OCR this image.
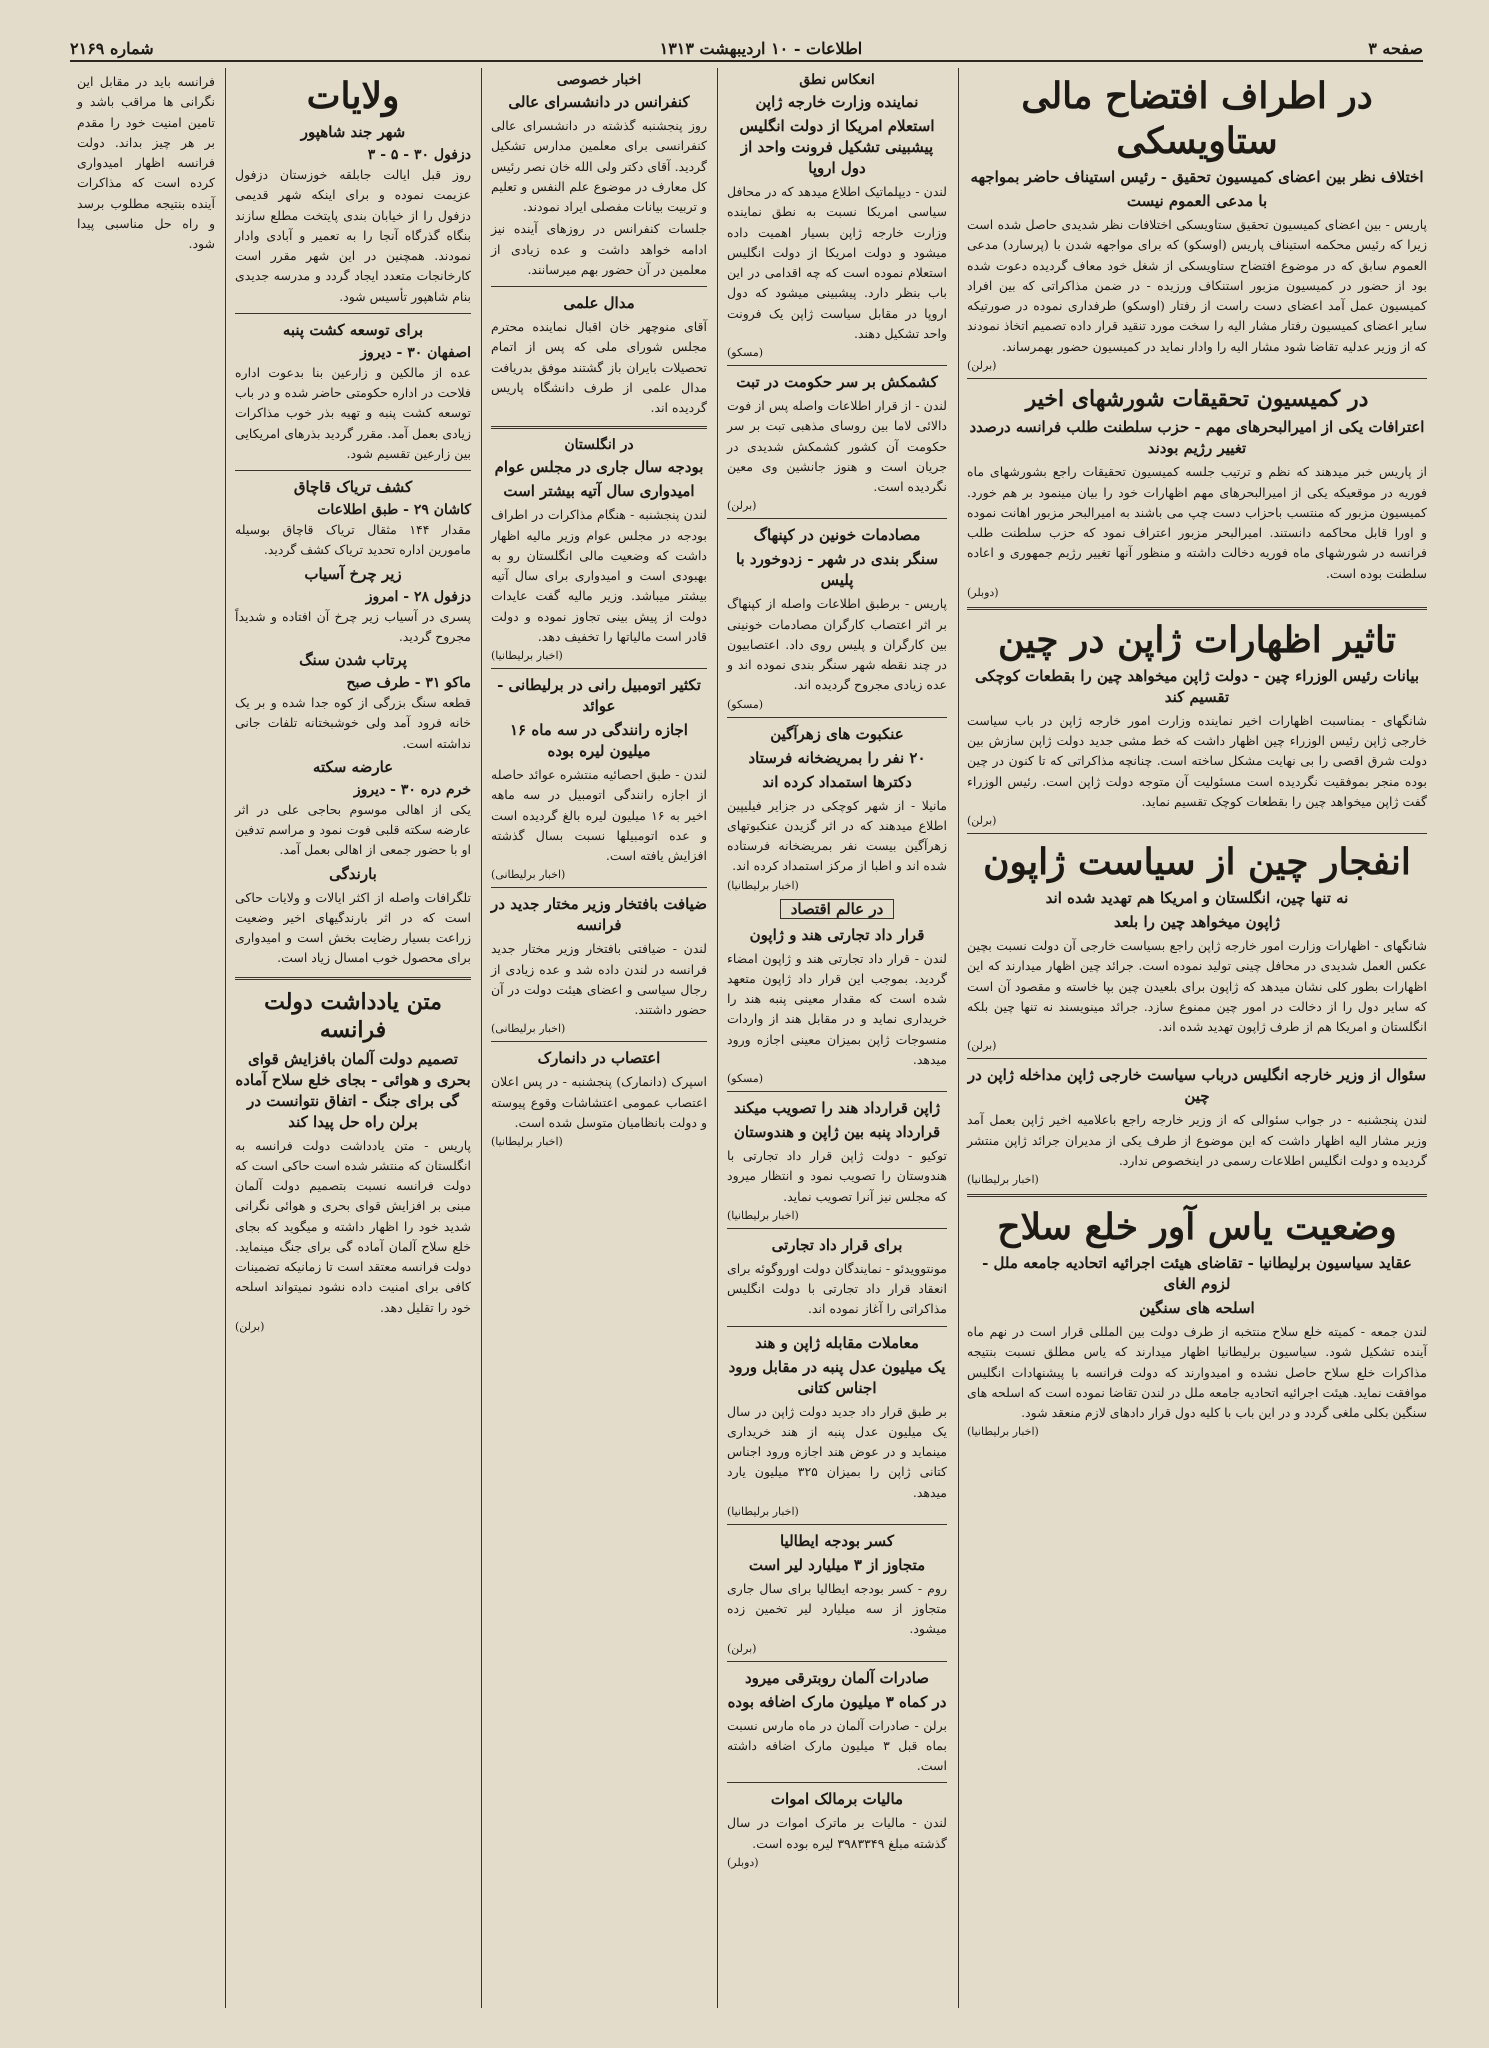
صفحه ۳
اطلاعات - ۱۰ اردیبهشت ۱۳۱۳
شماره ۲۱۶۹
در اطراف افتضاح مالی ستاویسکی
اختلاف نظر بین اعضای کمیسیون تحقیق - رئیس استیناف حاضر بمواجهه
با مدعی العموم نیست
پاریس - بین اعضای کمیسیون تحقیق ستاویسکی اختلافات نظر شدیدی حاصل شده است زیرا که رئیس محکمه استیناف پاریس (اوسکو) که برای مواجهه شدن با (پرسارد) مدعی العموم سابق که در موضوع افتضاح ستاویسکی از شغل خود معاف گردیده دعوت شده بود از حضور در کمیسیون مزبور استنکاف ورزیده - در ضمن مذاکراتی که بین افراد کمیسیون عمل آمد اعضای دست راست از رفتار (اوسکو) طرفداری نموده در صورتیکه سایر اعضای کمیسیون رفتار مشار الیه را سخت مورد تنقید قرار داده تصمیم اتخاذ نمودند که از وزیر عدلیه تقاضا شود مشار الیه را وادار نماید در کمیسیون حضور بهمرساند.
(برلن)
در کمیسیون تحقیقات شورشهای اخیر
اعترافات یکی از امیرالبحرهای مهم - حزب سلطنت طلب فرانسه درصدد تغییر رژیم بودند
از پاریس خبر میدهند که نظم و ترتیب جلسه کمیسیون تحقیقات راجع بشورشهای ماه فوریه در موقعیکه یکی از امیرالبحرهای مهم اظهارات خود را بیان مینمود بر هم خورد. کمیسیون مزبور که منتسب باحزاب دست چپ می باشند به امیرالبحر مزبور اهانت نموده و اورا قابل محاکمه دانستند. امیرالبحر مزبور اعتراف نمود که حزب سلطنت طلب فرانسه در شورشهای ماه فوریه دخالت داشته و منظور آنها تغییر رژیم جمهوری و اعاده سلطنت بوده است.
(دوبلر)
تاثیر اظهارات ژاپن در چین
بیانات رئیس الوزراء چین - دولت ژاپن میخواهد چین را بقطعات کوچکی تقسیم کند
شانگهای - بمناسبت اظهارات اخیر نماینده وزارت امور خارجه ژاپن در باب سیاست خارجی ژاپن رئیس الوزراء چین اظهار داشت که خط مشی جدید دولت ژاپن سازش بین دولت شرق اقصی را بی نهایت مشکل ساخته است. چنانچه مذاکراتی که تا کنون در چین بوده منجر بموفقیت نگردیده است مسئولیت آن متوجه دولت ژاپن است. رئیس الوزراء گفت ژاپن میخواهد چین را بقطعات کوچک تقسیم نماید.
(برلن)
انفجار چین از سیاست ژاپون
نه تنها چین، انگلستان و امریکا هم تهدید شده اند
ژاپون میخواهد چین را بلعد
شانگهای - اظهارات وزارت امور خارجه ژاپن راجع بسیاست خارجی آن دولت نسبت بچین عکس العمل شدیدی در محافل چینی تولید نموده است. جرائد چین اظهار میدارند که این اظهارات بطور کلی نشان میدهد که ژاپون برای بلعیدن چین بپا خاسته و مقصود آن است که سایر دول را از دخالت در امور چین ممنوع سازد. جرائد مینویسند نه تنها چین بلکه انگلستان و امریکا هم از طرف ژاپون تهدید شده اند.
(برلن)
سئوال از وزیر خارجه انگلیس درباب سیاست خارجی ژاپن مداخله ژاپن در چین
لندن پنجشنبه - در جواب سئوالی که از وزیر خارجه راجع باعلامیه اخیر ژاپن بعمل آمد وزیر مشار الیه اظهار داشت که این موضوع از طرف یکی از مدیران جرائد ژاپن منتشر گردیده و دولت انگلیس اطلاعات رسمی در اینخصوص ندارد.
(اخبار برلیطانیا)
وضعیت یاس آور خلع سلاح
عقاید سیاسیون برلیطانیا - تقاضای هیئت اجرائیه اتحادیه جامعه ملل - لزوم الغای
اسلحه های سنگین
لندن جمعه - کمیته خلع سلاح منتخبه از طرف دولت بین المللی قرار است در نهم ماه آینده تشکیل شود. سیاسیون برلیطانیا اظهار میدارند که یاس مطلق نسبت بنتیجه مذاکرات خلع سلاح حاصل نشده و امیدوارند که دولت فرانسه با پیشنهادات انگلیس موافقت نماید. هیئت اجرائیه اتحادیه جامعه ملل در لندن تقاضا نموده است که اسلحه های سنگین بکلی ملغی گردد و در این باب با کلیه دول قرار دادهای لازم منعقد شود.
(اخبار برلیطانیا)
انعکاس نطق
نماینده وزارت خارجه ژاپن
استعلام امریکا از دولت انگلیس پیشبینی تشکیل فرونت واحد از دول اروپا
لندن - دیپلماتیک اطلاع میدهد که در محافل سیاسی امریکا نسبت به نطق نماینده وزارت خارجه ژاپن بسیار اهمیت داده میشود و دولت امریکا از دولت انگلیس استعلام نموده است که چه اقدامی در این باب بنظر دارد. پیشبینی میشود که دول اروپا در مقابل سیاست ژاپن یک فرونت واحد تشکیل دهند.
(مسکو)
کشمکش بر سر حکومت در تبت
لندن - از قرار اطلاعات واصله پس از فوت دالائی لاما بین روسای مذهبی تبت بر سر حکومت آن کشور کشمکش شدیدی در جریان است و هنوز جانشین وی معین نگردیده است.
(برلن)
مصادمات خونین در کپنهاگ
سنگر بندی در شهر - زدوخورد با پلیس
پاریس - برطبق اطلاعات واصله از کپنهاگ بر اثر اعتصاب کارگران مصادمات خونینی بین کارگران و پلیس روی داد. اعتصابیون در چند نقطه شهر سنگر بندی نموده اند و عده زیادی مجروح گردیده اند.
(مسکو)
عنکبوت های زهرآگین
۲۰ نفر را بمریضخانه فرستاد
دکترها استمداد کرده اند
مانیلا - از شهر کوچکی در جزایر فیلیپین اطلاع میدهند که در اثر گزیدن عنکبوتهای زهرآگین بیست نفر بمریضخانه فرستاده شده اند و اطبا از مرکز استمداد کرده اند.
(اخبار برلیطانیا)
در عالم اقتصاد
قرار داد تجارتی هند و ژاپون
لندن - قرار داد تجارتی هند و ژاپون امضاء گردید. بموجب این قرار داد ژاپون متعهد شده است که مقدار معینی پنبه هند را خریداری نماید و در مقابل هند از واردات منسوجات ژاپن بمیزان معینی اجازه ورود میدهد.
(مسکو)
ژاپن قرارداد هند را تصویب میکند
قرارداد پنبه بین ژاپن و هندوستان
توکیو - دولت ژاپن قرار داد تجارتی با هندوستان را تصویب نمود و انتظار میرود که مجلس نیز آنرا تصویب نماید.
(اخبار برلیطانیا)
برای قرار داد تجارتی
مونتوویدئو - نمایندگان دولت اوروگوئه برای انعقاد قرار داد تجارتی با دولت انگلیس مذاکراتی را آغاز نموده اند.
معاملات مقابله ژاپن و هند
یک میلیون عدل پنبه در مقابل ورود اجناس کتانی
بر طبق قرار داد جدید دولت ژاپن در سال یک میلیون عدل پنبه از هند خریداری مینماید و در عوض هند اجازه ورود اجناس کتانی ژاپن را بمیزان ۳۲۵ میلیون یارد میدهد.
(اخبار برلیطانیا)
کسر بودجه ایطالیا
متجاوز از ۳ میلیارد لیر است
روم - کسر بودجه ایطالیا برای سال جاری متجاوز از سه میلیارد لیر تخمین زده میشود.
(برلن)
صادرات آلمان روبترقی میرود
در کماه ۳ میلیون مارک اضافه بوده
برلن - صادرات آلمان در ماه مارس نسبت بماه قبل ۳ میلیون مارک اضافه داشته است.
مالیات برمالک اموات
لندن - مالیات بر ماترک اموات در سال گذشته مبلغ ۳۹۸۳۳۴۹ لیره بوده است.
(دوبلر)
اخبار خصوصی
کنفرانس در دانشسرای عالی
روز پنجشنبه گذشته در دانشسرای عالی کنفرانسی برای معلمین مدارس تشکیل گردید. آقای دکتر ولی الله خان نصر رئیس کل معارف در موضوع علم النفس و تعلیم و تربیت بیانات مفصلی ایراد نمودند.
جلسات کنفرانس در روزهای آینده نیز ادامه خواهد داشت و عده زیادی از معلمین در آن حضور بهم میرسانند.
مدال علمی
آقای منوچهر خان اقبال نماینده محترم مجلس شورای ملی که پس از اتمام تحصیلات بایران باز گشتند موفق بدریافت مدال علمی از طرف دانشگاه پاریس گردیده اند.
در انگلستان
بودجه سال جاری در مجلس عوام
امیدواری سال آتیه بیشتر است
لندن پنجشنبه - هنگام مذاکرات در اطراف بودجه در مجلس عوام وزیر مالیه اظهار داشت که وضعیت مالی انگلستان رو به بهبودی است و امیدواری برای سال آتیه بیشتر میباشد. وزیر مالیه گفت عایدات دولت از پیش بینی تجاوز نموده و دولت قادر است مالیاتها را تخفیف دهد.
(اخبار برلیطانیا)
تکثیر اتومبیل رانی در برلیطانی - عوائد
اجازه رانندگی در سه ماه ۱۶ میلیون لیره بوده
لندن - طبق احصائیه منتشره عوائد حاصله از اجازه رانندگی اتومبیل در سه ماهه اخیر به ۱۶ میلیون لیره بالغ گردیده است و عده اتومبیلها نسبت بسال گذشته افزایش یافته است.
(اخبار برلیطانی)
ضیافت بافتخار وزیر مختار جدید در فرانسه
لندن - ضیافتی بافتخار وزیر مختار جدید فرانسه در لندن داده شد و عده زیادی از رجال سیاسی و اعضای هیئت دولت در آن حضور داشتند.
(اخبار برلیطانی)
اعتصاب در دانمارک
اسپرک (دانمارک) پنجشنبه - در پس اعلان اعتصاب عمومی اعتشاشات وقوع پیوسته و دولت بانظامیان متوسل شده است.
(اخبار برلیطانیا)
ولایات
شهر جند شاهپور
دزفول ۳۰ - ۵ - ۳
روز قبل ایالت جابلقه خوزستان دزفول عزیمت نموده و برای اینکه شهر قدیمی دزفول را از خیابان بندی پایتخت مطلع سازند بنگاه گذرگاه آنجا را به تعمیر و آبادی وادار نمودند. همچنین در این شهر مقرر است کارخانجات متعدد ایجاد گردد و مدرسه جدیدی بنام شاهپور تأسیس شود.
برای توسعه کشت پنبه
اصفهان ۳۰ - دیروز
عده از مالکین و زارعین بنا بدعوت اداره فلاحت در اداره حکومتی حاضر شده و در باب توسعه کشت پنبه و تهیه بذر خوب مذاکرات زیادی بعمل آمد. مقرر گردید بذرهای امریکایی بین زارعین تقسیم شود.
کشف تریاک قاچاق
کاشان ۲۹ - طبق اطلاعات
مقدار ۱۴۴ مثقال تریاک قاچاق بوسیله مامورین اداره تحدید تریاک کشف گردید.
زیر چرخ آسیاب
دزفول ۲۸ - امروز
پسری در آسیاب زیر چرخ آن افتاده و شدیداً مجروح گردید.
پرتاب شدن سنگ
ماکو ۳۱ - طرف صبح
قطعه سنگ بزرگی از کوه جدا شده و بر یک خانه فرود آمد ولی خوشبختانه تلفات جانی نداشته است.
عارضه سکته
خرم دره ۳۰ - دیروز
یکی از اهالی موسوم بحاجی علی در اثر عارضه سکته قلبی فوت نمود و مراسم تدفین او با حضور جمعی از اهالی بعمل آمد.
بارندگی
تلگرافات واصله از اکثر ایالات و ولایات حاکی است که در اثر بارندگیهای اخیر وضعیت زراعت بسیار رضایت بخش است و امیدواری برای محصول خوب امسال زیاد است.
متن یادداشت دولت فرانسه
تصمیم دولت آلمان بافزایش قوای بحری و هوائی - بجای خلع سلاح آماده گی برای جنگ - اتفاق نتوانست در برلن راه حل پیدا کند
پاریس - متن یادداشت دولت فرانسه به انگلستان که منتشر شده است حاکی است که دولت فرانسه نسبت بتصمیم دولت آلمان مبنی بر افزایش قوای بحری و هوائی نگرانی شدید خود را اظهار داشته و میگوید که بجای خلع سلاح آلمان آماده گی برای جنگ مینماید. دولت فرانسه معتقد است تا زمانیکه تضمینات کافی برای امنیت داده نشود نمیتواند اسلحه خود را تقلیل دهد.
(برلن)
فرانسه باید در مقابل این نگرانی ها مراقب باشد و تامین امنیت خود را مقدم بر هر چیز بداند. دولت فرانسه اظهار امیدواری کرده است که مذاکرات آینده بنتیجه مطلوب برسد و راه حل مناسبی پیدا شود.
